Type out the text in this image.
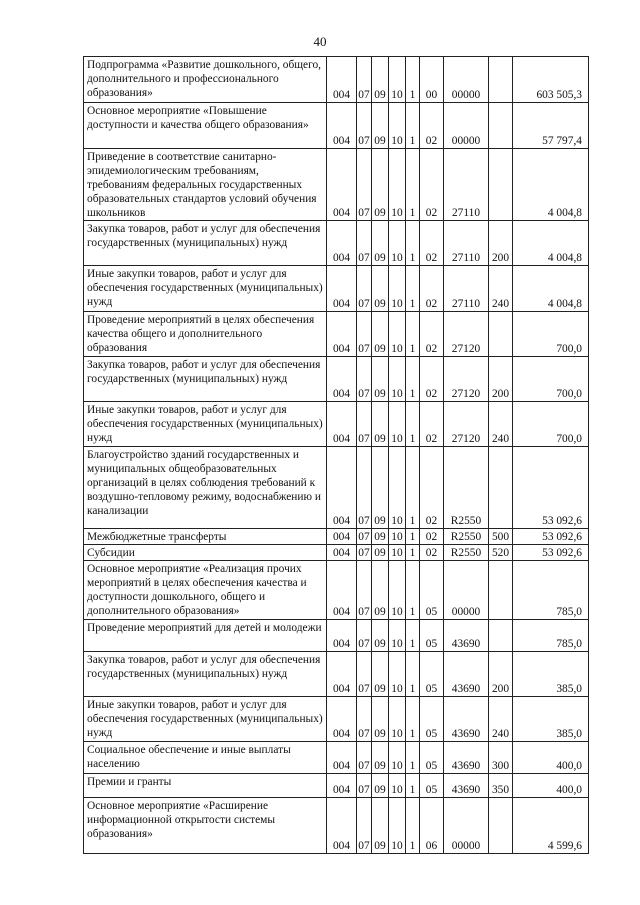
40
Подпрограмма «Развитие дошкольного, общего, дополнительного и профессионального образования»	004	07	09	10	1	00	00000		603 505,3
Основное мероприятие «Повышение доступности и качества общего образования»	004	07	09	10	1	02	00000		57 797,4
Приведение в соответствие санитарно-эпидемиологическим требованиям, требованиям федеральных государственных образовательных стандартов условий обучения школьников	004	07	09	10	1	02	27110		4 004,8
Закупка товаров, работ и услуг для обеспечения государственных (муниципальных) нужд	004	07	09	10	1	02	27110	200	4 004,8
Иные закупки товаров, работ и услуг для обеспечения государственных (муниципальных) нужд	004	07	09	10	1	02	27110	240	4 004,8
Проведение мероприятий в целях обеспечения качества общего и дополнительного образования	004	07	09	10	1	02	27120		700,0
Закупка товаров, работ и услуг для обеспечения государственных (муниципальных) нужд	004	07	09	10	1	02	27120	200	700,0
Иные закупки товаров, работ и услуг для обеспечения государственных (муниципальных) нужд	004	07	09	10	1	02	27120	240	700,0
Благоустройство зданий государственных и муниципальных общеобразовательных организаций в целях соблюдения требований к воздушно-тепловому режиму, водоснабжению и канализации	004	07	09	10	1	02	R2550		53 092,6
Межбюджетные трансферты	004	07	09	10	1	02	R2550	500	53 092,6
Субсидии	004	07	09	10	1	02	R2550	520	53 092,6
Основное мероприятие «Реализация прочих мероприятий в целях обеспечения качества и доступности дошкольного, общего и дополнительного образования»	004	07	09	10	1	05	00000		785,0
Проведение мероприятий для детей и молодежи	004	07	09	10	1	05	43690		785,0
Закупка товаров, работ и услуг для обеспечения государственных (муниципальных) нужд	004	07	09	10	1	05	43690	200	385,0
Иные закупки товаров, работ и услуг для обеспечения государственных (муниципальных) нужд	004	07	09	10	1	05	43690	240	385,0
Социальное обеспечение и иные выплаты населению	004	07	09	10	1	05	43690	300	400,0
Премии и гранты	004	07	09	10	1	05	43690	350	400,0
Основное мероприятие «Расширение информационной открытости системы образования»	004	07	09	10	1	06	00000		4 599,6
